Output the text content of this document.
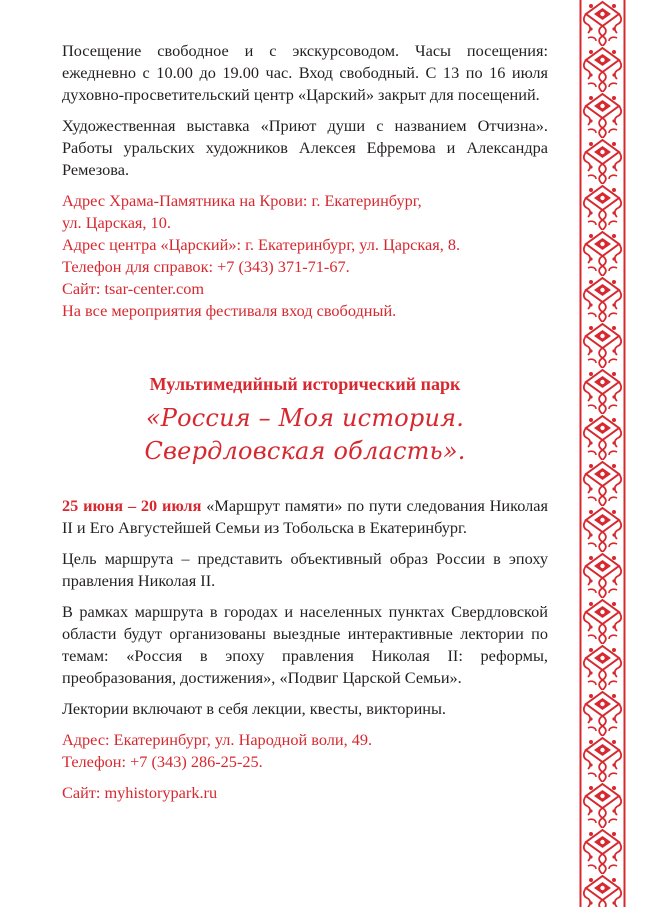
Посещение свободное и с экскурсоводом. Часы посещения: ежедневно с 10.00 до 19.00 час. Вход свободный. С 13 по 16 июля духовно-просветительский центр «Царский» закрыт для посещений.

Художественная выставка «Приют души с названием Отчизна». Работы уральских художников Алексея Ефремова и Александра Ремезова.

Адрес Храма-Памятника на Крови: г. Екатеринбург,
ул. Царская, 10.
Адрес центра «Царский»: г. Екатеринбург, ул. Царская, 8.
Телефон для справок: +7 (343) 371-71-67.
Сайт: tsar-center.com
На все мероприятия фестиваля вход свободный.
Мультимедийный исторический парк
«Россия – Моя история.
Свердловская область».

25 июня – 20 июля «Маршрут памяти» по пути следования Николая II и Его Августейшей Семьи из Тобольска в Екатеринбург.

Цель маршрута – представить объективный образ России в эпоху правления Николая II.

В рамках маршрута в городах и населенных пунктах Свердловской области будут организованы выездные интерактивные лектории по темам: «Россия в эпоху правления Николая II: реформы, преобразования, достижения», «Подвиг Царской Семьи».

Лектории включают в себя лекции, квесты, викторины.

Адрес: Екатеринбург, ул. Народной воли, 49.
Телефон: +7 (343) 286-25-25.
Сайт: myhistorypark.ru
